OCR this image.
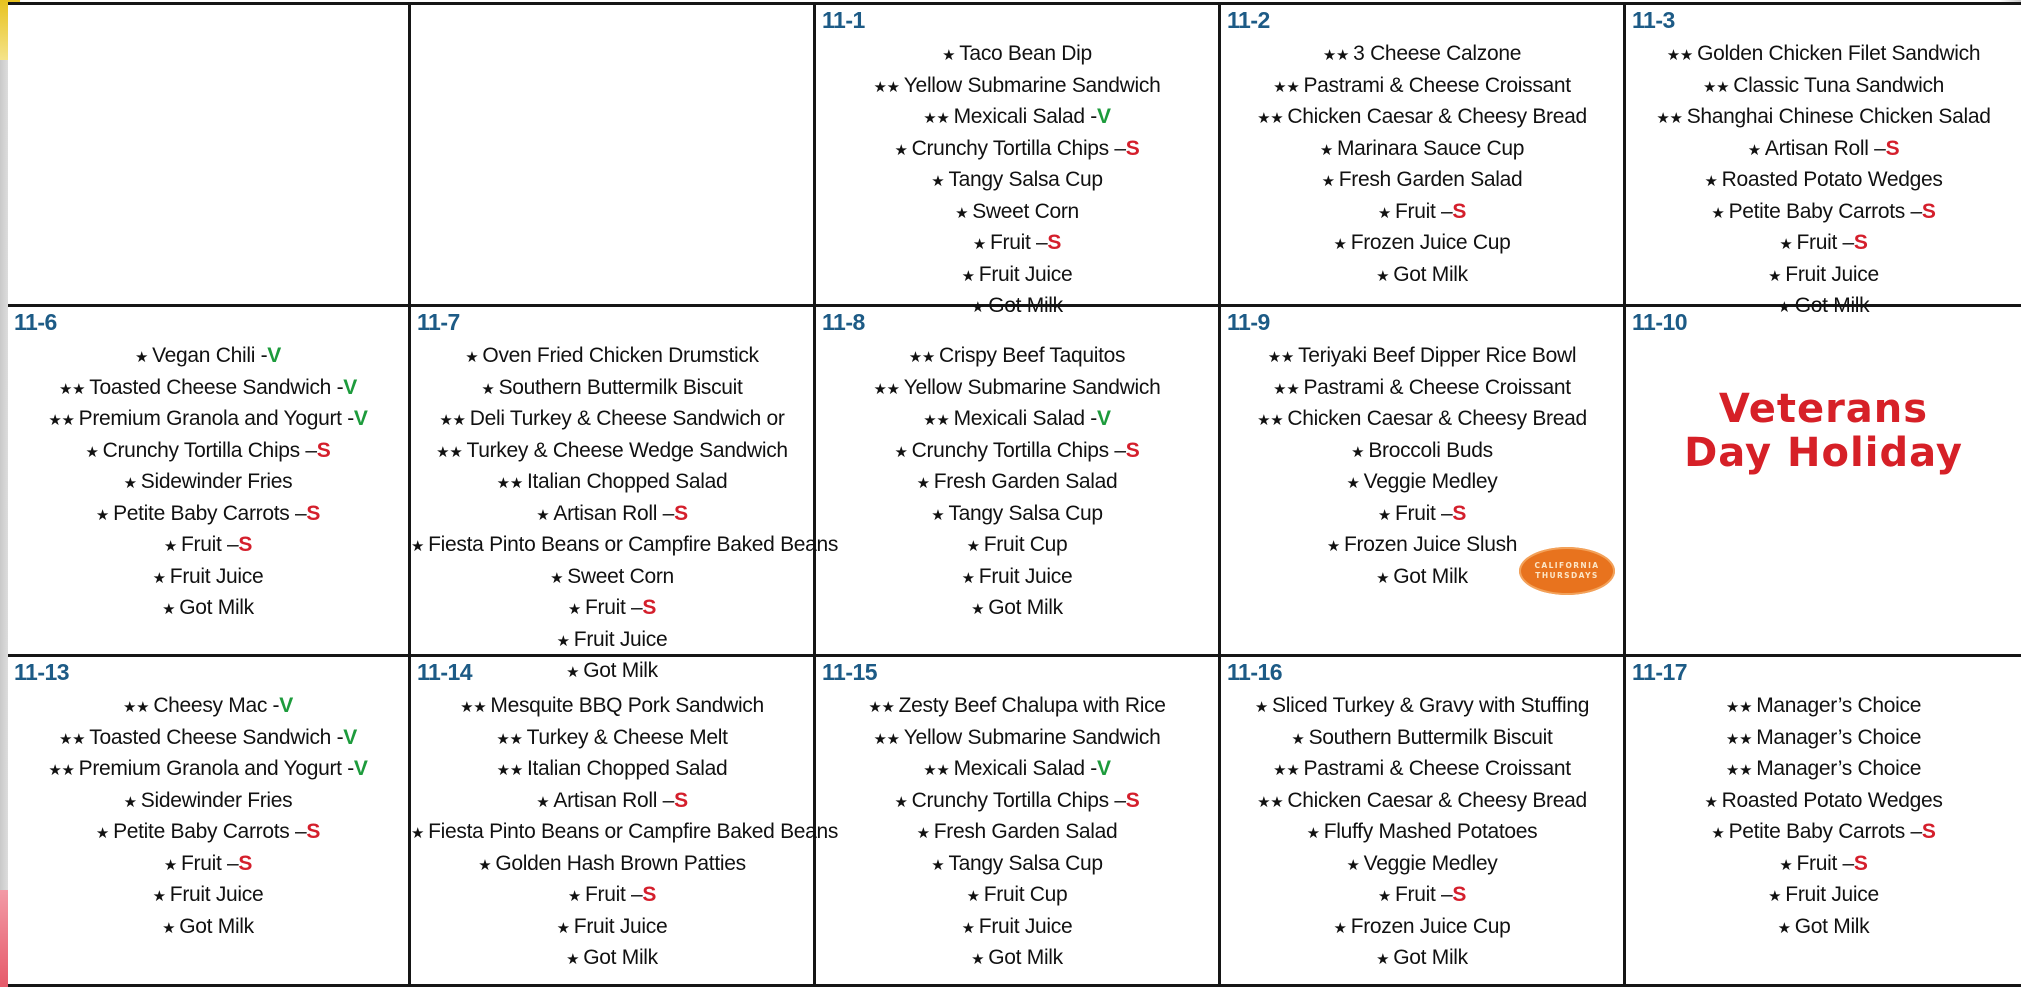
11-1
★ Taco Bean Dip
★★ Yellow Submarine Sandwich
★★ Mexicali Salad -V
★ Crunchy Tortilla Chips –S
★ Tangy Salsa Cup
★ Sweet Corn
★ Fruit –S
★ Fruit Juice
★ Got Milk
11-2
★★ 3 Cheese Calzone
★★ Pastrami & Cheese Croissant
★★ Chicken Caesar & Cheesy Bread
★ Marinara Sauce Cup
★ Fresh Garden Salad
★ Fruit –S
★ Frozen Juice Cup
★ Got Milk
11-3
★★ Golden Chicken Filet Sandwich
★★ Classic Tuna Sandwich
★★ Shanghai Chinese Chicken Salad
★ Artisan Roll –S
★ Roasted Potato Wedges
★ Petite Baby Carrots –S
★ Fruit –S
★ Fruit Juice
★ Got Milk
11-6
★ Vegan Chili -V
★★ Toasted Cheese Sandwich -V
★★ Premium Granola and Yogurt -V
★ Crunchy Tortilla Chips –S
★ Sidewinder Fries
★ Petite Baby Carrots –S
★ Fruit –S
★ Fruit Juice
★ Got Milk
11-7
★ Oven Fried Chicken Drumstick
★ Southern Buttermilk Biscuit
★★ Deli Turkey & Cheese Sandwich or
★★ Turkey & Cheese Wedge Sandwich
★★ Italian Chopped Salad
★ Artisan Roll –S
★ Fiesta Pinto Beans or Campfire Baked Beans
★ Sweet Corn
★ Fruit –S
★ Fruit Juice
★ Got Milk
11-8
★★ Crispy Beef Taquitos
★★ Yellow Submarine Sandwich
★★ Mexicali Salad -V
★ Crunchy Tortilla Chips –S
★ Fresh Garden Salad
★ Tangy Salsa Cup
★ Fruit Cup
★ Fruit Juice
★ Got Milk
11-9
★★ Teriyaki Beef Dipper Rice Bowl
★★ Pastrami & Cheese Croissant
★★ Chicken Caesar & Cheesy Bread
★ Broccoli Buds
★ Veggie Medley
★ Fruit –S
★ Frozen Juice Slush
★ Got Milk	CALIFORNIA
THURSDAYS
11-10
Veterans
Day Holiday
11-13
★★ Cheesy Mac -V
★★ Toasted Cheese Sandwich -V
★★ Premium Granola and Yogurt -V
★ Sidewinder Fries
★ Petite Baby Carrots –S
★ Fruit –S
★ Fruit Juice
★ Got Milk
11-14
★★ Mesquite BBQ Pork Sandwich
★★ Turkey & Cheese Melt
★★ Italian Chopped Salad
★ Artisan Roll –S
★ Fiesta Pinto Beans or Campfire Baked Beans
★ Golden Hash Brown Patties
★ Fruit –S
★ Fruit Juice
★ Got Milk
11-15
★★ Zesty Beef Chalupa with Rice
★★ Yellow Submarine Sandwich
★★ Mexicali Salad -V
★ Crunchy Tortilla Chips –S
★ Fresh Garden Salad
★ Tangy Salsa Cup
★ Fruit Cup
★ Fruit Juice
★ Got Milk
11-16
★ Sliced Turkey & Gravy with Stuffing
★ Southern Buttermilk Biscuit
★★ Pastrami & Cheese Croissant
★★ Chicken Caesar & Cheesy Bread
★ Fluffy Mashed Potatoes
★ Veggie Medley
★ Fruit –S
★ Frozen Juice Cup
★ Got Milk
11-17
★★ Manager’s Choice
★★ Manager’s Choice
★★ Manager’s Choice
★ Roasted Potato Wedges
★ Petite Baby Carrots –S
★ Fruit –S
★ Fruit Juice
★ Got Milk
